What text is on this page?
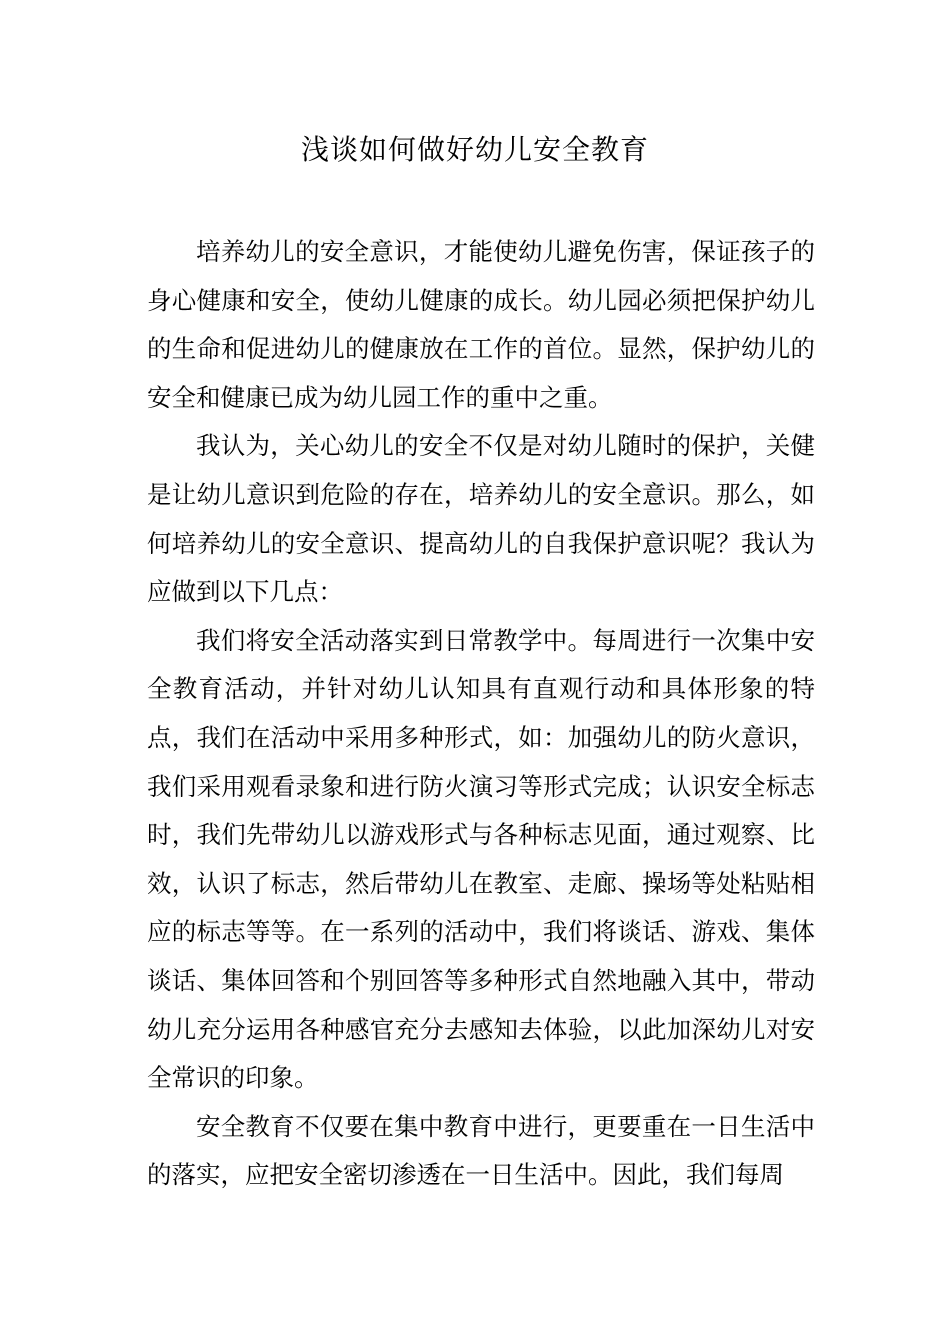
浅谈如何做好幼儿安全教育

培养幼儿的安全意识，才能使幼儿避免伤害，保证孩子的身心健康和安全，使幼儿健康的成长。幼儿园必须把保护幼儿的生命和促进幼儿的健康放在工作的首位。显然，保护幼儿的安全和健康已成为幼儿园工作的重中之重。

我认为，关心幼儿的安全不仅是对幼儿随时的保护，关健是让幼儿意识到危险的存在，培养幼儿的安全意识。那么，如何培养幼儿的安全意识、提高幼儿的自我保护意识呢？我认为应做到以下几点：

我们将安全活动落实到日常教学中。每周进行一次集中安全教育活动，并针对幼儿认知具有直观行动和具体形象的特点，我们在活动中采用多种形式，如：加强幼儿的防火意识，我们采用观看录象和进行防火演习等形式完成；认识安全标志时，我们先带幼儿以游戏形式与各种标志见面，通过观察、比效，认识了标志，然后带幼儿在教室、走廊、操场等处粘贴相应的标志等等。在一系列的活动中，我们将谈话、游戏、集体谈话、集体回答和个别回答等多种形式自然地融入其中，带动幼儿充分运用各种感官充分去感知去体验，以此加深幼儿对安全常识的印象。

安全教育不仅要在集中教育中进行，更要重在一日生活中的落实，应把安全密切渗透在一日生活中。因此，我们每周
